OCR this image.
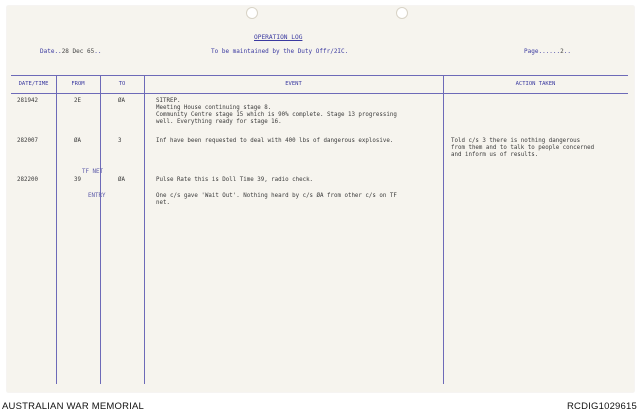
OPERATION LOG
Date..28 Dec 65..	To be maintained by the Duty Offr/2IC.	Page......2..
DATE/TIME	FROM	TO	EVENT	ACTION TAKEN
281942	2E	ØA	SITREP.
Meeting House continuing stage 8.
Community Centre stage 15 which is 90% complete. Stage 13 progressing
well. Everything ready for stage 16.
282007	ØA	3	Inf have been requested to deal with 400 lbs of dangerous explosive.	Told c/s 3 there is nothing dangerous
from them and to talk to people concerned
and inform us of results.
TF NET
282200	39	ØA	Pulse Rate this is Doll Time 39, radio check.
ENTRY	One c/s gave 'Wait Out'. Nothing heard by c/s ØA from other c/s on TF
net.
AUSTRALIAN WAR MEMORIAL	RCDIG1029615
